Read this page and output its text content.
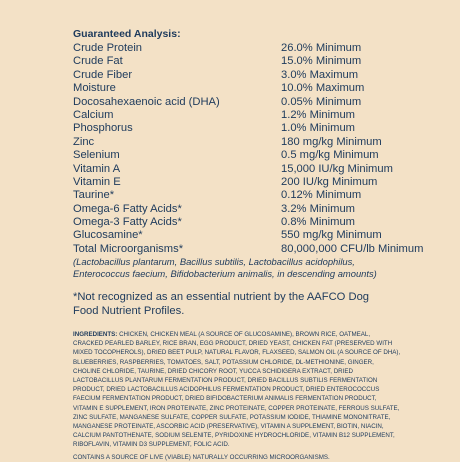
Guaranteed Analysis:
Crude Protein	26.0% Minimum
Crude Fat	15.0% Minimum
Crude Fiber	3.0% Maximum
Moisture	10.0% Maximum
Docosahexaenoic acid (DHA)	0.05% Minimum
Calcium	1.2% Minimum
Phosphorus	1.0% Minimum
Zinc	180 mg/kg Minimum
Selenium	0.5 mg/kg Minimum
Vitamin A	15,000 IU/kg Minimum
Vitamin E	200 IU/kg Minimum
Taurine*	0.12% Minimum
Omega-6 Fatty Acids*	3.2% Minimum
Omega-3 Fatty Acids*	0.8% Minimum
Glucosamine*	550 mg/kg Minimum
Total Microorganisms*	80,000,000 CFU/lb Minimum
(Lactobacillus plantarum, Bacillus subtilis, Lactobacillus acidophilus, Enterococcus faecium, Bifidobacterium animalis, in descending amounts)
*Not recognized as an essential nutrient by the AAFCO Dog Food Nutrient Profiles.
INGREDIENTS: CHICKEN, CHICKEN MEAL (A SOURCE OF GLUCOSAMINE), BROWN RICE, OATMEAL, CRACKED PEARLED BARLEY, RICE BRAN, EGG PRODUCT, DRIED YEAST, CHICKEN FAT (PRESERVED WITH MIXED TOCOPHEROLS), DRIED BEET PULP, NATURAL FLAVOR, FLAXSEED, SALMON OIL (A SOURCE OF DHA), BLUEBERRIES, RASPBERRIES, TOMATOES, SALT, POTASSIUM CHLORIDE, DL-METHIONINE, GINGER, CHOLINE CHLORIDE, TAURINE, DRIED CHICORY ROOT, YUCCA SCHIDIGERA EXTRACT, DRIED LACTOBACILLUS PLANTARUM FERMENTATION PRODUCT, DRIED BACILLUS SUBTILIS FERMENTATION PRODUCT, DRIED LACTOBACILLUS ACIDOPHILUS FERMENTATION PRODUCT, DRIED ENTEROCOCCUS FAECIUM FERMENTATION PRODUCT, DRIED BIFIDOBACTERIUM ANIMALIS FERMENTATION PRODUCT, VITAMIN E SUPPLEMENT, IRON PROTEINATE, ZINC PROTEINATE, COPPER PROTEINATE, FERROUS SULFATE, ZINC SULFATE, MANGANESE SULFATE, COPPER SULFATE, POTASSIUM IODIDE, THIAMINE MONONITRATE, MANGANESE PROTEINATE, ASCORBIC ACID (PRESERVATIVE), VITAMIN A SUPPLEMENT, BIOTIN, NIACIN, CALCIUM PANTOTHENATE, SODIUM SELENITE, PYRIDOXINE HYDROCHLORIDE, VITAMIN B12 SUPPLEMENT, RIBOFLAVIN, VITAMIN D3 SUPPLEMENT, FOLIC ACID.
CONTAINS A SOURCE OF LIVE (VIABLE) NATURALLY OCCURRING MICROORGANISMS.
